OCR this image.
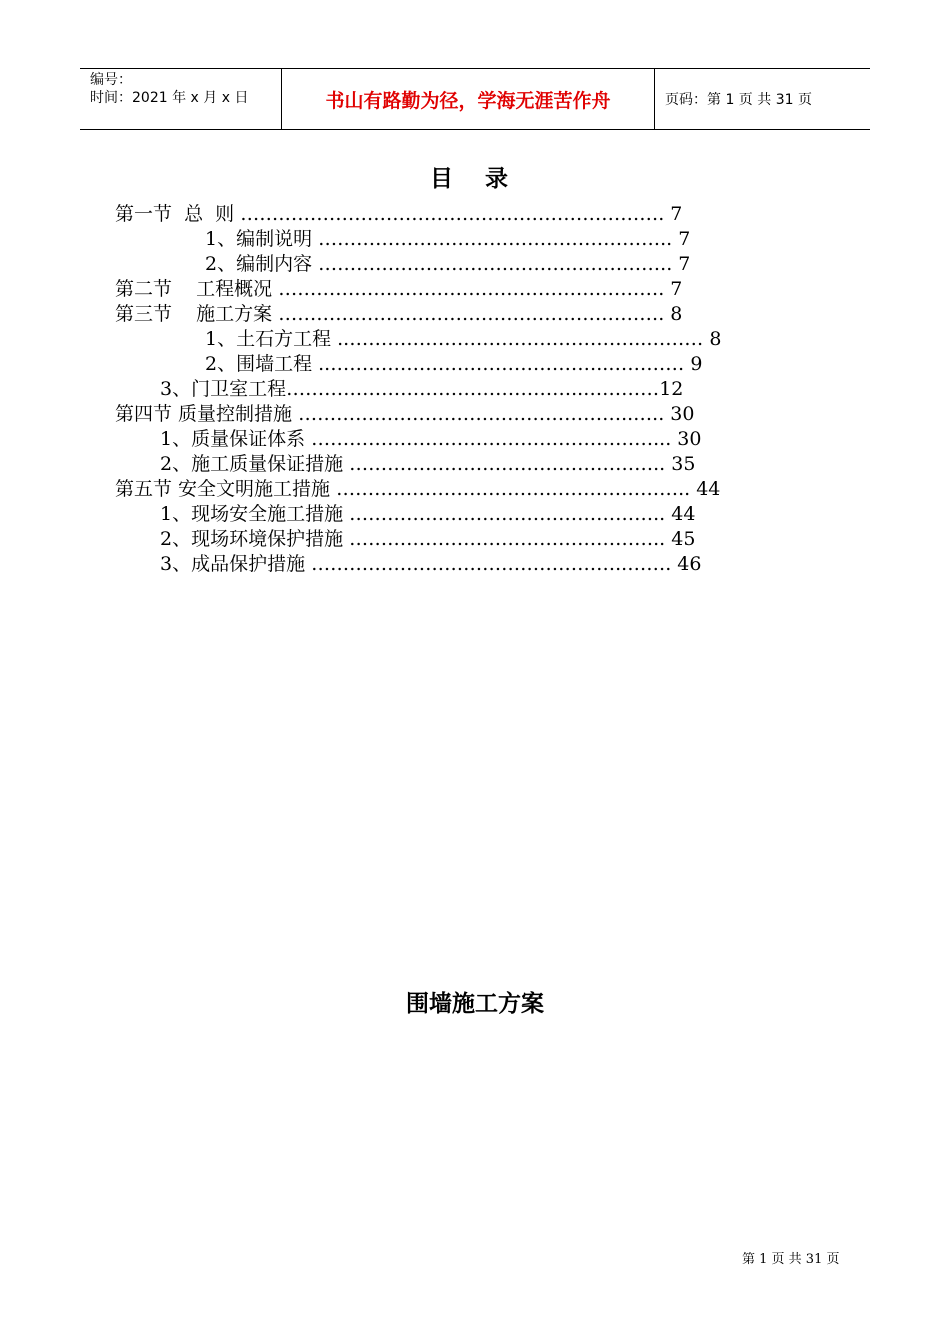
编号：
时间：2021 年 x 月 x 日	书山有路勤为径，学海无涯苦作舟	页码：第 1 页 共 31 页
目 录
第一节  总  则 …………………………………………………………. 7
1、编制说明 ……………………………………………….. 7
2、编制内容 ……………………………………………….. 7
第二节    工程概况 ……………………………………………………. 7
第三节    施工方案 ……………………………………………………. 8
1、土石方工程 ..………………………………………..……… 8
2、围墙工程 ..……………………………………..………… 9
3、门卫室工程………………………………………..…………12
第四节 质量控制措施 ……………………………………………..….. 30
1、质量保证体系 ………………………………………………... 30
2、施工质量保证措施 ………………………………………….. 35
第五节 安全文明施工措施 ……………………………………………….. 44
1、现场安全施工措施 ………………………………………….. 44
2、现场环境保护措施 ………………………………………….. 45
3、成品保护措施 …………………………………………..……. 46
围墙施工方案
第 1 页 共 31 页
